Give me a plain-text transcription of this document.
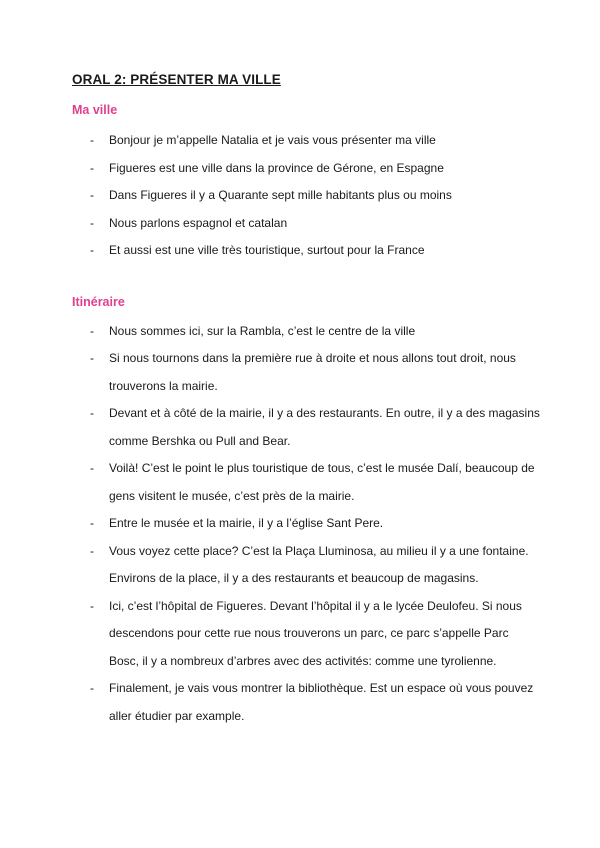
ORAL 2: PRÉSENTER MA VILLE
Ma ville
- Bonjour je m’appelle Natalia et je vais vous présenter ma ville
- Figueres est une ville dans la province de Gérone, en Espagne
- Dans Figueres il y a Quarante sept mille habitants plus ou moins
- Nous parlons espagnol et catalan
- Et aussi est une ville très touristique, surtout pour la France
Itinéraire
- Nous sommes ici, sur la Rambla, c’est le centre de la ville
- Si nous tournons dans la première rue à droite et nous allons tout droit, nous trouverons la mairie.
- Devant et à côté de la mairie, il y a des restaurants. En outre, il y a des magasins comme Bershka ou Pull and Bear.
- Voilà! C’est le point le plus touristique de tous, c’est le musée Dalí, beaucoup de gens visitent le musée, c’est près de la mairie.
- Entre le musée et la mairie, il y a l’église Sant Pere.
- Vous voyez cette place? C’est la Plaça Lluminosa, au milieu il y a une fontaine. Environs de la place, il y a des restaurants et beaucoup de magasins.
- Ici, c’est l’hôpital de Figueres. Devant l’hôpital il y a le lycée Deulofeu. Si nous descendons pour cette rue nous trouverons un parc, ce parc s’appelle Parc Bosc, il y a nombreux d’arbres avec des activités: comme une tyrolienne.
- Finalement, je vais vous montrer la bibliothèque. Est un espace où vous pouvez aller étudier par example.
